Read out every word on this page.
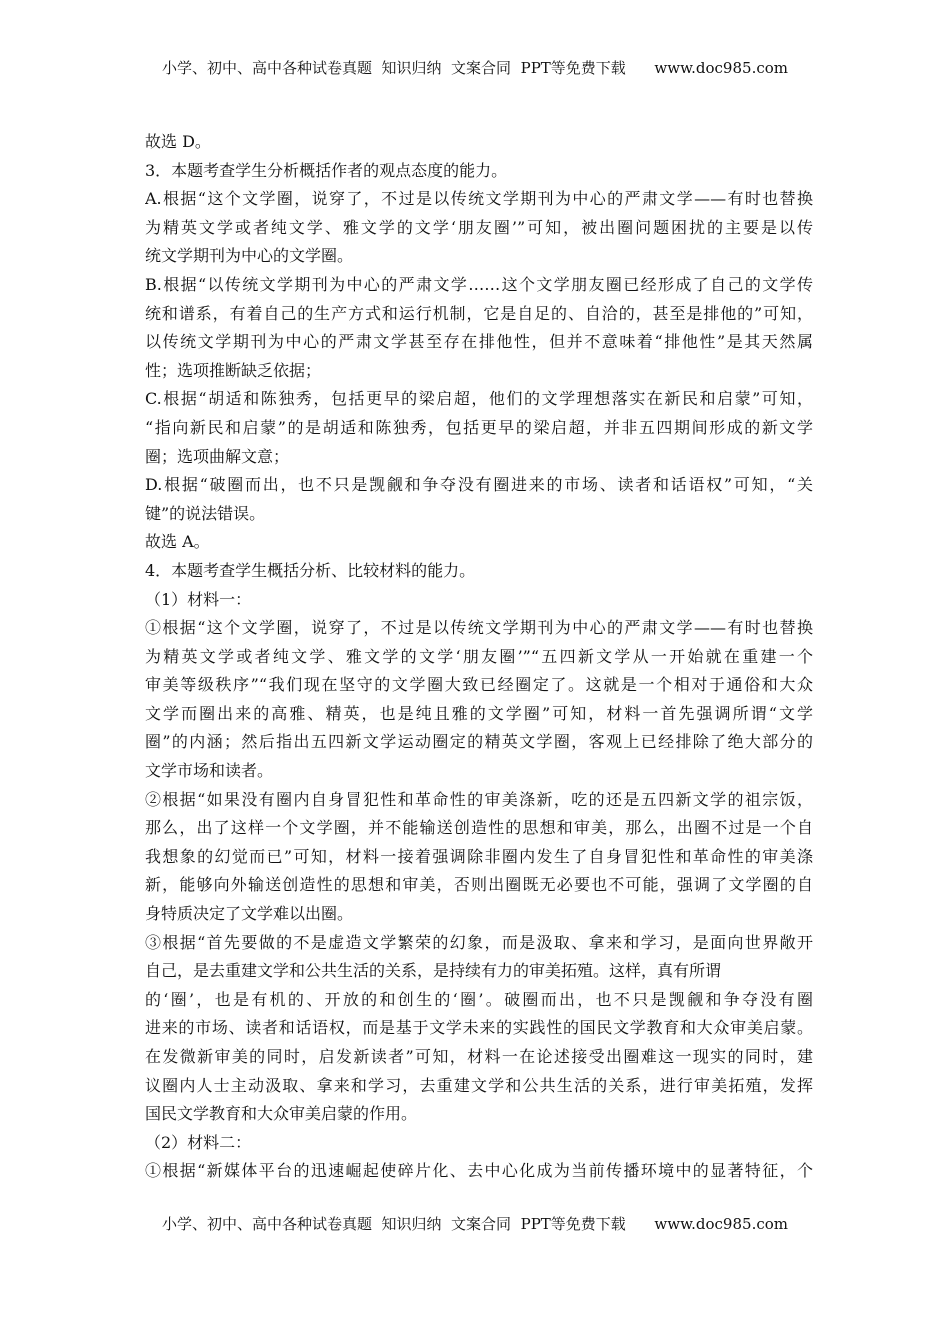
小学、初中、高中各种试卷真题  知识归纳  文案合同  PPT等免费下载      www.doc985.com
故选 D。
3．本题考查学生分析概括作者的观点态度的能力。
A.根据“这个文学圈，说穿了，不过是以传统文学期刊为中心的严肃文学——有时也替换
为精英文学或者纯文学、雅文学的文学‘朋友圈’”可知，被出圈问题困扰的主要是以传
统文学期刊为中心的文学圈。
B.根据“以传统文学期刊为中心的严肃文学……这个文学朋友圈已经形成了自己的文学传
统和谱系，有着自己的生产方式和运行机制，它是自足的、自洽的，甚至是排他的”可知，
以传统文学期刊为中心的严肃文学甚至存在排他性，但并不意味着“排他性”是其天然属
性；选项推断缺乏依据；
C.根据“胡适和陈独秀，包括更早的梁启超，他们的文学理想落实在新民和启蒙”可知，
“指向新民和启蒙”的是胡适和陈独秀，包括更早的梁启超，并非五四期间形成的新文学
圈；选项曲解文意；
D.根据“破圈而出，也不只是觊觎和争夺没有圈进来的市场、读者和话语权”可知，“关
键”的说法错误。
故选 A。
4．本题考查学生概括分析、比较材料的能力。
（1）材料一：
①根据“这个文学圈，说穿了，不过是以传统文学期刊为中心的严肃文学——有时也替换
为精英文学或者纯文学、雅文学的文学‘朋友圈’”“五四新文学从一开始就在重建一个
审美等级秩序”“我们现在坚守的文学圈大致已经圈定了。这就是一个相对于通俗和大众
文学而圈出来的高雅、精英，也是纯且雅的文学圈”可知，材料一首先强调所谓“文学
圈”的内涵；然后指出五四新文学运动圈定的精英文学圈，客观上已经排除了绝大部分的
文学市场和读者。
②根据“如果没有圈内自身冒犯性和革命性的审美涤新，吃的还是五四新文学的祖宗饭，
那么，出了这样一个文学圈，并不能输送创造性的思想和审美，那么，出圈不过是一个自
我想象的幻觉而已”可知，材料一接着强调除非圈内发生了自身冒犯性和革命性的审美涤
新，能够向外输送创造性的思想和审美，否则出圈既无必要也不可能，强调了文学圈的自
身特质决定了文学难以出圈。
③根据“首先要做的不是虚造文学繁荣的幻象，而是汲取、拿来和学习，是面向世界敞开
自己，是去重建文学和公共生活的关系，是持续有力的审美拓殖。这样，真有所谓
的‘圈’，也是有机的、开放的和创生的‘圈’。破圈而出，也不只是觊觎和争夺没有圈
进来的市场、读者和话语权，而是基于文学未来的实践性的国民文学教育和大众审美启蒙。
在发微新审美的同时，启发新读者”可知，材料一在论述接受出圈难这一现实的同时，建
议圈内人士主动汲取、拿来和学习，去重建文学和公共生活的关系，进行审美拓殖，发挥
国民文学教育和大众审美启蒙的作用。
（2）材料二：
①根据“新媒体平台的迅速崛起使碎片化、去中心化成为当前传播环境中的显著特征，个
小学、初中、高中各种试卷真题  知识归纳  文案合同  PPT等免费下载      www.doc985.com
